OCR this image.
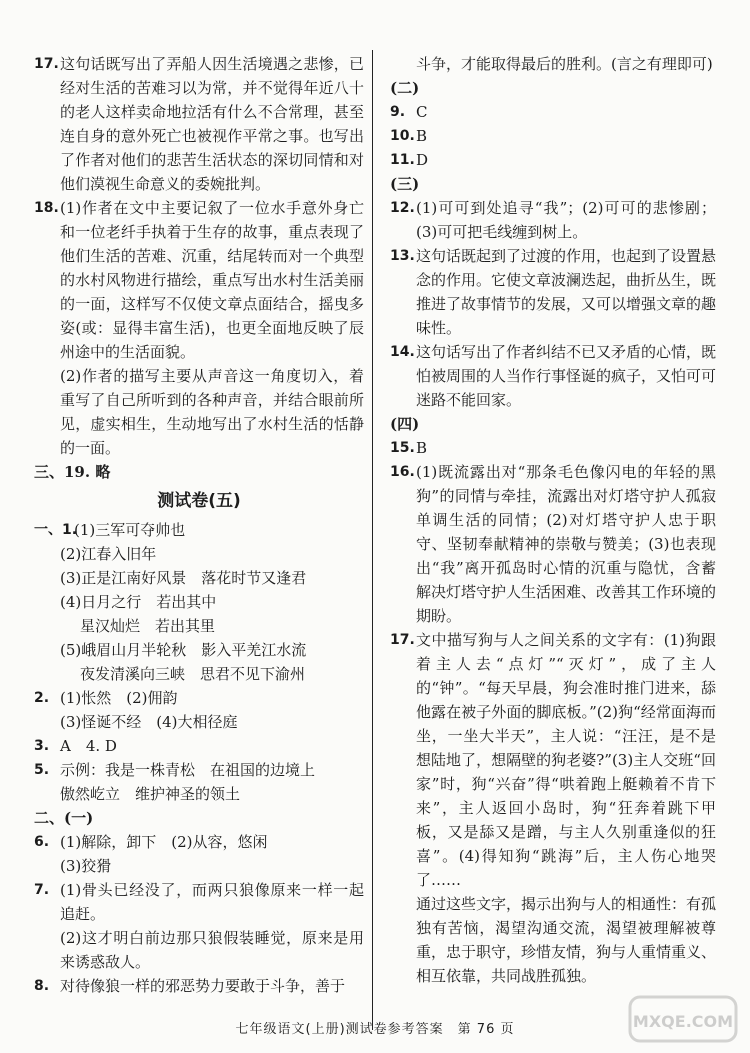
17. 这句话既写出了弄船人因生活境遇之悲惨，已经对生活的苦难习以为常，并不觉得年近八十的老人这样卖命地拉活有什么不合常理，甚至连自身的意外死亡也被视作平常之事。也写出了作者对他们的悲苦生活状态的深切同情和对他们漠视生命意义的委婉批判。
18. (1)作者在文中主要记叙了一位水手意外身亡和一位老纤手执着于生存的故事，重点表现了他们生活的苦难、沉重，结尾转而对一个典型的水村风物进行描绘，重点写出水村生活美丽的一面，这样写不仅使文章点面结合，摇曳多姿(或：显得丰富生活)，也更全面地反映了辰州途中的生活面貌。
(2)作者的描写主要从声音这一角度切入，着重写了自己所听到的各种声音，并结合眼前所见，虚实相生，生动地写出了水村生活的恬静的一面。
三、19. 略
测试卷(五)
一、1.
(1)三军可夺帅也
(2)江春入旧年
(3)正是江南好风景　落花时节又逢君
(4)日月之行　若出其中
星汉灿烂　若出其里
(5)峨眉山月半轮秋　影入平羌江水流
夜发清溪向三峡　思君不见下渝州
2. (1)怅然　(2)佣韵
(3)怪诞不经　(4)大相径庭
3. A　4. D
5. 示例：我是一株青松　在祖国的边境上
傲然屹立　维护神圣的领土
二、(一)
6. (1)解除，卸下　(2)从容，悠闲
(3)狡猾
7. (1)骨头已经没了，而两只狼像原来一样一起追赶。
(2)这才明白前边那只狼假装睡觉，原来是用来诱惑敌人。
8. 对待像狼一样的邪恶势力要敢于斗争，善于
斗争，才能取得最后的胜利。(言之有理即可)
(二)
9. C
10. B
11. D
(三)
12. (1)可可到处追寻“我”；(2)可可的悲惨剧；(3)可可把毛线缠到树上。
13. 这句话既起到了过渡的作用，也起到了设置悬念的作用。它使文章波澜迭起，曲折丛生，既推进了故事情节的发展，又可以增强文章的趣味性。
14. 这句话写出了作者纠结不已又矛盾的心情，既怕被周围的人当作行事怪诞的疯子，又怕可可迷路不能回家。
(四)
15. B
16. (1)既流露出对“那条毛色像闪电的年轻的黑狗”的同情与牵挂，流露出对灯塔守护人孤寂单调生活的同情；(2)对灯塔守护人忠于职守、坚韧奉献精神的崇敬与赞美；(3)也表现出“我”离开孤岛时心情的沉重与隐忧，含蓄解决灯塔守护人生活困难、改善其工作环境的期盼。
17. 文中描写狗与人之间关系的文字有：(1)狗跟着主人去“点灯”“灭灯”，成了主人的“钟”。“每天早晨，狗会准时推门进来，舔他露在被子外面的脚底板。”(2)狗“经常面海而坐，一坐大半天”，主人说：“汪汪，是不是想陆地了，想隔壁的狗老婆?”(3)主人交班“回家”时，狗“兴奋”得“哄着跑上艇赖着不肯下来”，主人返回小岛时，狗“狂奔着跳下甲板，又是舔又是蹭，与主人久别重逢似的狂喜”。(4)得知狗“跳海”后，主人伤心地哭了……
通过这些文字，揭示出狗与人的相通性：有孤独有苦恼，渴望沟通交流，渴望被理解被尊重，忠于职守，珍惜友情，狗与人重情重义、相互依靠，共同战胜孤独。
七年级语文(上册)测试卷参考答案　第 76 页	MXQE.COM
